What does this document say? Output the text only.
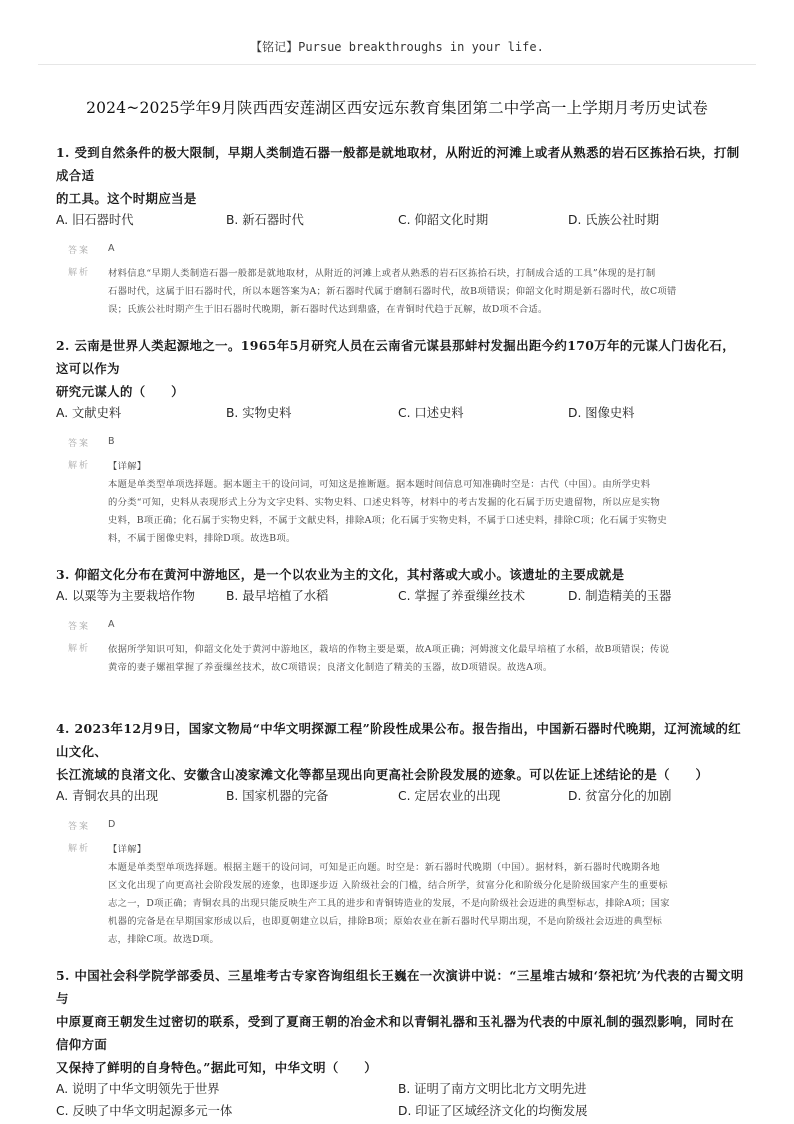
【铭记】Pursue breakthroughs in your life.
2024~2025学年9月陕西西安莲湖区西安远东教育集团第二中学高一上学期月考历史试卷

1. 受到自然条件的极大限制，早期人类制造石器一般都是就地取材，从附近的河滩上或者从熟悉的岩石区拣拾石块，打制成合适
的工具。这个时期应当是

A. 旧石器时代	B. 新石器时代	C. 仰韶文化时期	D. 氏族公社时期
答案 A
解析 材料信息“早期人类制造石器一般都是就地取材，从附近的河滩上或者从熟悉的岩石区拣拾石块，打制成合适的工具”体现的是打制

石器时代，这属于旧石器时代，所以本题答案为A；新石器时代属于磨制石器时代，故B项错误；仰韶文化时期是新石器时代，故C项错

误；氏族公社时期产生于旧石器时代晚期，新石器时代达到鼎盛，在青铜时代趋于瓦解，故D项不合适。

2. 云南是世界人类起源地之一。1965年5月研究人员在云南省元谋县那蚌村发掘出距今约170万年的元谋人门齿化石，这可以作为
研究元谋人的（　　）

A. 文献史料	B. 实物史料	C. 口述史料	D. 图像史料
答案 B
解析 【详解】

本题是单类型单项选择题。据本题主干的设问词，可知这是推断题。据本题时间信息可知准确时空是：古代（中国）。由所学史料

的分类“可知，史料从表现形式上分为文字史料、实物史料、口述史料等，材料中的考古发掘的化石属于历史遗留物，所以应是实物

史料，B项正确；化石属于实物史料，不属于文献史料，排除A项；化石属于实物史料，不属于口述史料，排除C项；化石属于实物史

料，不属于图像史料，排除D项。故选B项。

3. 仰韶文化分布在黄河中游地区，是一个以农业为主的文化，其村落或大或小。该遗址的主要成就是

A. 以粟等为主要栽培作物	B. 最早培植了水稻	C. 掌握了养蚕缫丝技术	D. 制造精美的玉器
答案 A
解析 依据所学知识可知，仰韶文化处于黄河中游地区，栽培的作物主要是粟，故A项正确；河姆渡文化最早培植了水稻，故B项错误；传说

黄帝的妻子嫘祖掌握了养蚕缫丝技术，故C项错误；良渚文化制造了精美的玉器，故D项错误。故选A项。

4. 2023年12月9日，国家文物局“中华文明探源工程”阶段性成果公布。报告指出，中国新石器时代晚期，辽河流域的红山文化、
长江流域的良渚文化、安徽含山凌家滩文化等都呈现出向更高社会阶段发展的迹象。可以佐证上述结论的是（　　）

A. 青铜农具的出现	B. 国家机器的完备	C. 定居农业的出现	D. 贫富分化的加剧
答案 D
解析 【详解】

本题是单类型单项选择题。根据主题干的设问词，可知是正向题。时空是：新石器时代晚期（中国）。据材料，新石器时代晚期各地

区文化出现了向更高社会阶段发展的迹象，也即逐步迈 入阶级社会的门槛，结合所学，贫富分化和阶级分化是阶级国家产生的重要标

志之一，D项正确；青铜农具的出现只能反映生产工具的进步和青铜铸造业的发展，不是向阶级社会迈进的典型标志，排除A项；国家

机器的完备是在早期国家形成以后，也即夏朝建立以后，排除B项；原始农业在新石器时代早期出现，不是向阶级社会迈进的典型标

志，排除C项。故选D项。

5. 中国社会科学院学部委员、三星堆考古专家咨询组组长王巍在一次演讲中说：“三星堆古城和‘祭祀坑’为代表的古蜀文明与
中原夏商王朝发生过密切的联系，受到了夏商王朝的冶金术和以青铜礼器和玉礼器为代表的中原礼制的强烈影响，同时在信仰方面
又保持了鲜明的自身特色。”据此可知，中华文明（　　）

A. 说明了中华文明领先于世界	B. 证明了南方文明比北方文明先进
C. 反映了中华文明起源多元一体	D. 印证了区域经济文化的均衡发展
